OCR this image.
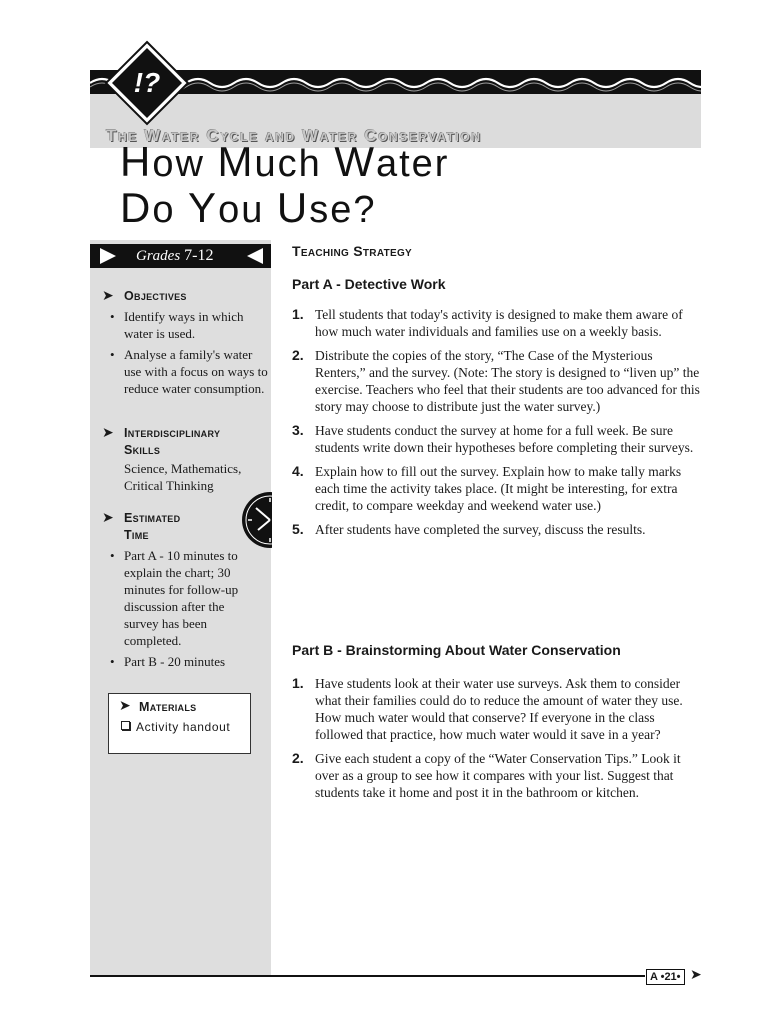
!?
The Water Cycle and Water Conservation
How Much Water
Do You Use?
Grades 7-12
➤ Objectives
• Identify ways in which water is used.
• Analyse a family's water use with a focus on ways to reduce water consumption.
➤ Interdisciplinary
Skills
Science, Mathematics, Critical Thinking
➤ Estimated
Time
• Part A - 10 minutes to explain the chart; 30 minutes for follow-up discussion after the survey has been completed.
• Part B - 20 minutes
➤ Materials
Activity handout
Teaching Strategy
Part A - Detective Work
1. Tell students that today's activity is designed to make them aware of how much water individuals and families use on a weekly basis.
2. Distribute the copies of the story, “The Case of the Mysterious Renters,” and the survey. (Note: The story is designed to “liven up” the exercise. Teachers who feel that their students are too advanced for this story may choose to distribute just the water survey.)
3. Have students conduct the survey at home for a full week. Be sure students write down their hypotheses before completing their surveys.
4. Explain how to fill out the survey. Explain how to make tally marks each time the activity takes place. (It might be interesting, for extra credit, to compare weekday and weekend water use.)
5. After students have completed the survey, discuss the results.
Part B - Brainstorming About Water Conservation
1. Have students look at their water use surveys. Ask them to consider what their families could do to reduce the amount of water they use. How much water would that conserve? If everyone in the class followed that practice, how much water would it save in a year?
2. Give each student a copy of the “Water Conservation Tips.” Look it over as a group to see how it compares with your list. Suggest that students take it home and post it in the bathroom or kitchen.
A •21• ➤
